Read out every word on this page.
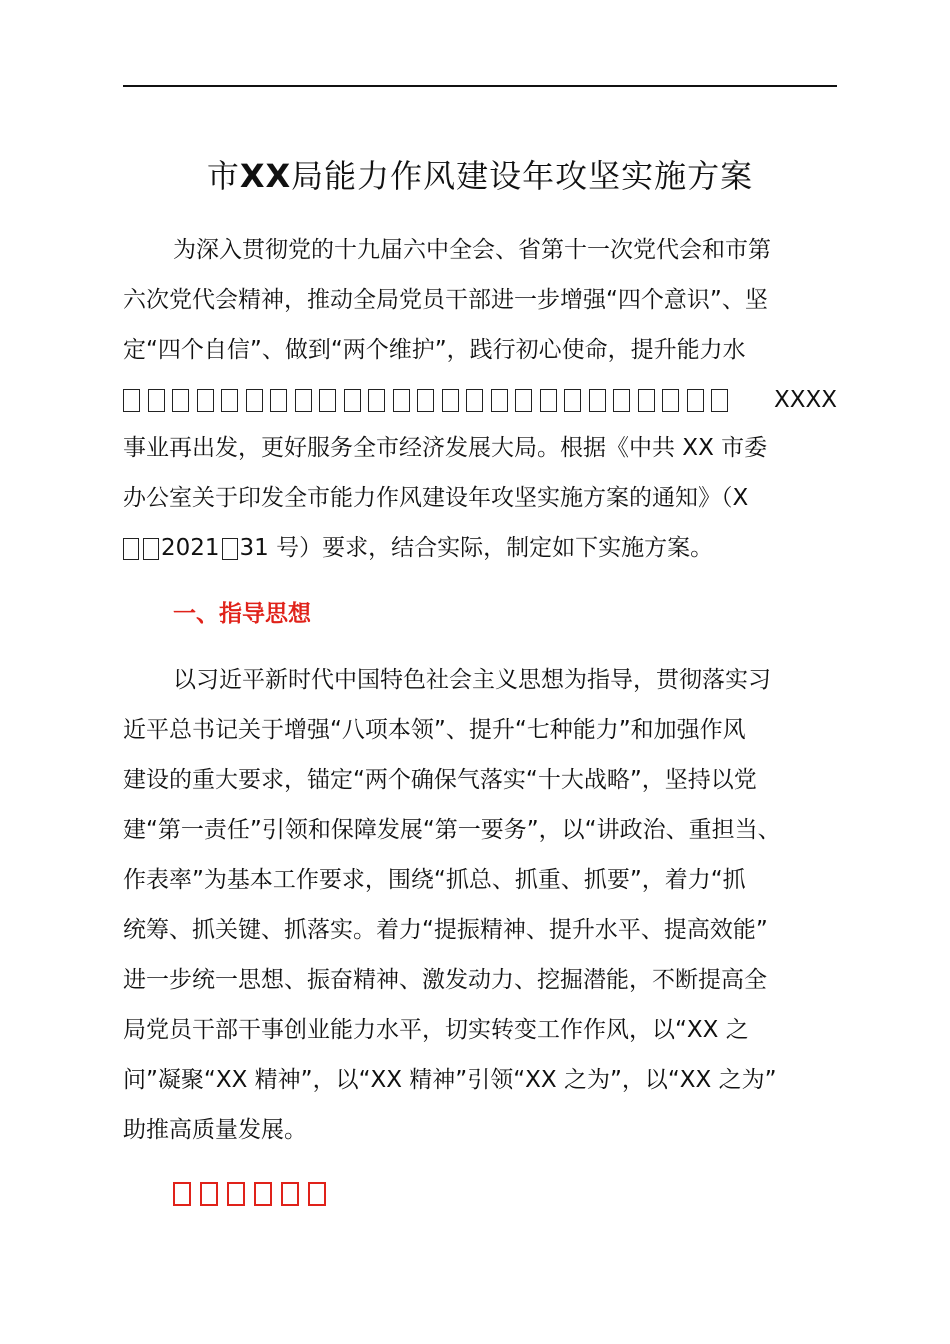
市XX局能力作风建设年攻坚实施方案

为深入贯彻党的十九届六中全会、省第十一次党代会和市第

六次党代会精神，推动全局党员干部进一步增强“四个意识”、坚

定“四个自信”、做到“两个维护”，践行初心使命，提升能力水

XXXX

事业再出发，更好服务全市经济发展大局。根据《中共 XX 市委

办公室关于印发全市能力作风建设年攻坚实施方案的通知》（X

2021 31 号）要求，结合实际，制定如下实施方案。

一、指导思想

以习近平新时代中国特色社会主义思想为指导，贯彻落实习

近平总书记关于增强“八项本领”、提升“七种能力”和加强作风

建设的重大要求，锚定“两个确保气落实“十大战略”，坚持以党

建“第一责任”引领和保障发展“第一要务”，以“讲政治、重担当、

作表率”为基本工作要求，围绕“抓总、抓重、抓要”，着力“抓

统筹、抓关键、抓落实。着力“提振精神、提升水平、提高效能”

进一步统一思想、振奋精神、激发动力、挖掘潜能，不断提高全

局党员干部干事创业能力水平，切实转变工作作风，以“XX 之

问”凝聚“XX 精神”，以“XX 精神”引领“XX 之为”，以“XX 之为”

助推高质量发展。
